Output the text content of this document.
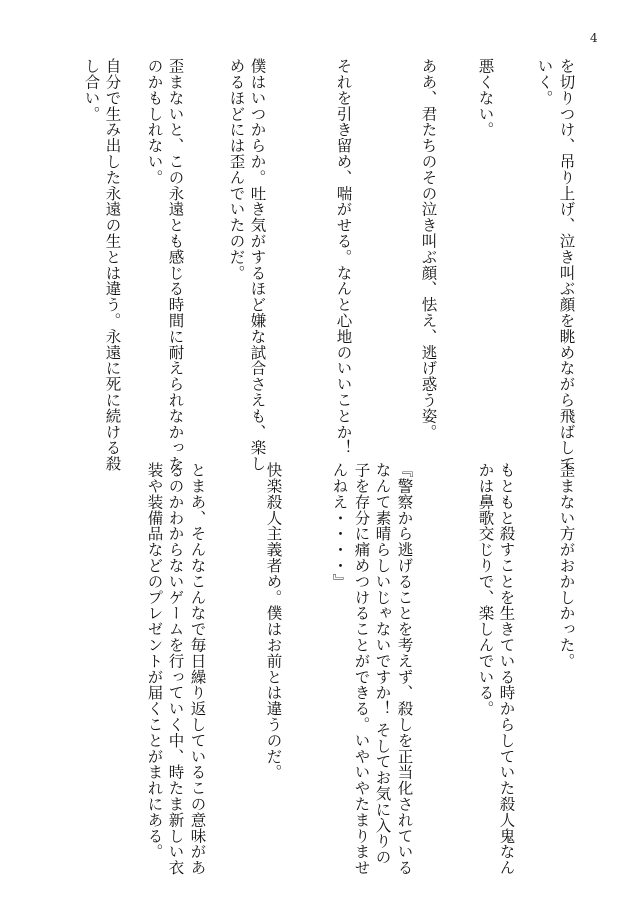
4
を切りつけ、吊り上げ、泣き叫ぶ顔を眺めながら飛ばして
いく。
悪くない。
ああ、君たちのその泣き叫ぶ顔、怯え、逃げ惑う姿。
それを引き留め、喘がせる。なんと心地のいいことか！
僕はいつからか。吐き気がするほど嫌な試合さえも、楽し
めるほどには歪んでいたのだ。
歪まないと、この永遠とも感じる時間に耐えられなかった
のかもしれない。
自分で生み出した永遠の生とは違う。永遠に死に続ける殺
し合い。
歪まない方がおかしかった。
もともと殺すことを生きている時からしていた殺人鬼なん
かは鼻歌交じりで、楽しんでいる。
『警察から逃げることを考えず、殺しを正当化されている
なんて素晴らしいじゃないですか！ そしてお気に入りの
子を存分に痛めつけることができる。いやいやたまりませ
んねえ・・・・』
快楽殺人主義者め。僕はお前とは違うのだ。
とまあ、そんなこんなで毎日繰り返しているこの意味があ
るのかわからないゲームを行っていく中、時たま新しい衣
装や装備品などのプレゼントが届くことがまれにある。
